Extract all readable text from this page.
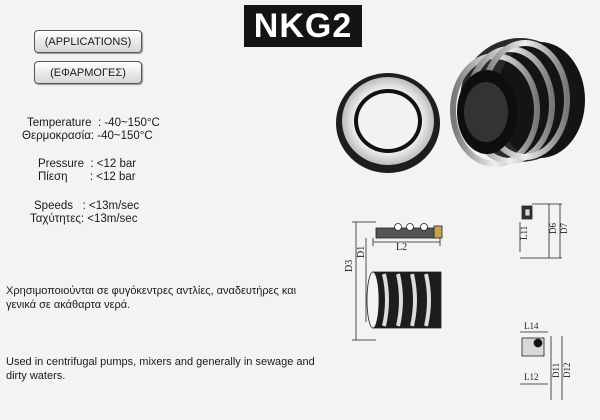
NKG2
(APPLICATIONS)
(ΕΦΑΡΜΟΓΕΣ)
Temperature  : -40~150°C
Θερμοκρασία: -40~150°C
Pressure  : <12 bar
Πίεση       : <12 bar
Speeds   : <13m/sec
Ταχύτητες: <13m/sec
Χρησιμοποιούνται σε φυγόκεντρες αντλίες, αναδευτήρες και γενικά σε ακάθαρτα νερά.
Used in centrifugal pumps, mixers and generally in sewage and dirty waters.
L2
D3
D1
L11 D6 D7
L14
L12 D11 D12
